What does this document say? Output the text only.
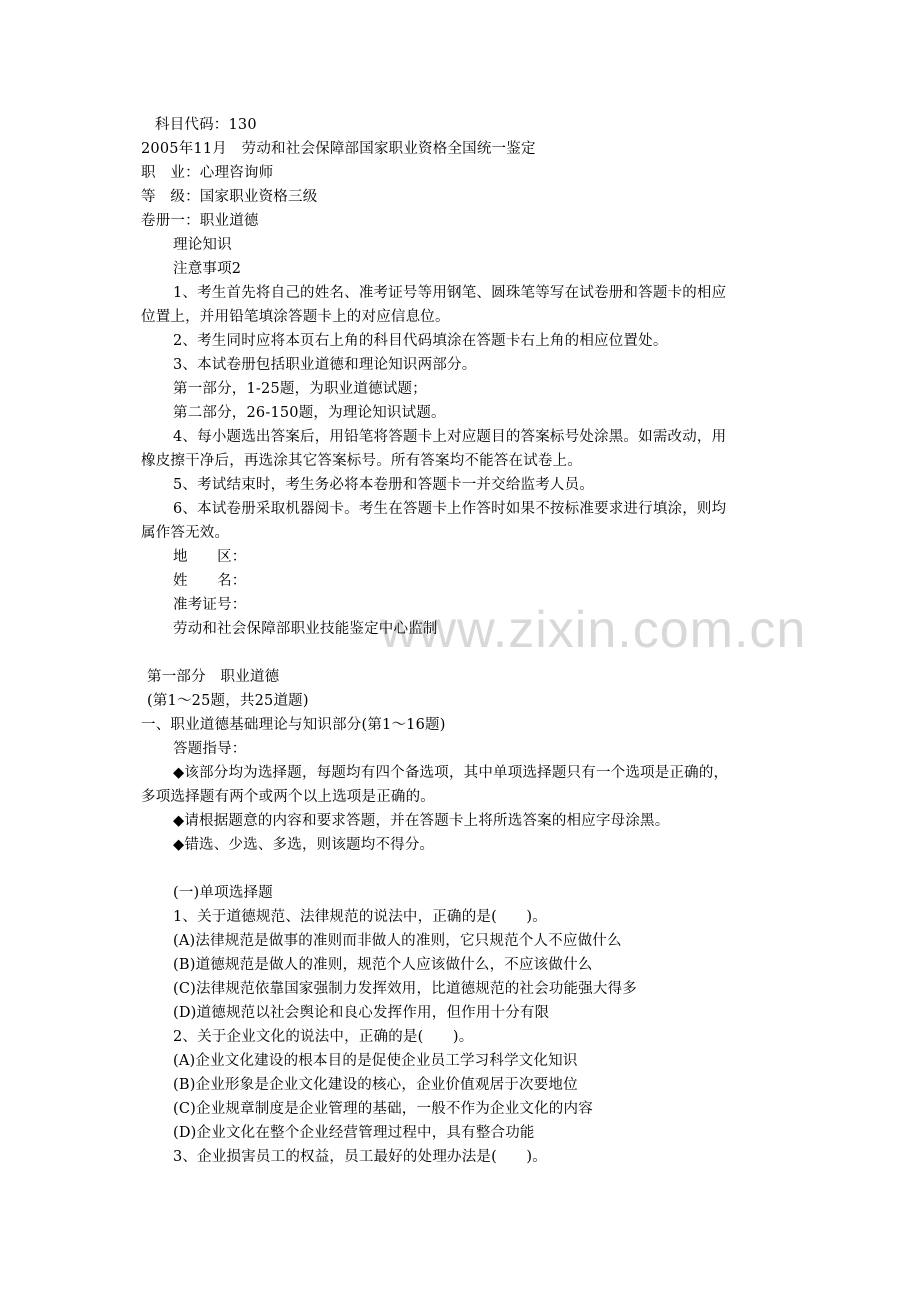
www.zixin.com.cn
科目代码：130
2005年11月　劳动和社会保障部国家职业资格全国统一鉴定
职　业：心理咨询师
等　级：国家职业资格三级
卷册一：职业道德
理论知识
注意事项2
1、考生首先将自己的姓名、准考证号等用钢笔、圆珠笔等写在试卷册和答题卡的相应
位置上，并用铅笔填涂答题卡上的对应信息位。
2、考生同时应将本页右上角的科目代码填涂在答题卡右上角的相应位置处。
3、本试卷册包括职业道德和理论知识两部分。
第一部分，1-25题，为职业道德试题；
第二部分，26-150题，为理论知识试题。
4、每小题选出答案后，用铅笔将答题卡上对应题目的答案标号处涂黑。如需改动，用
橡皮擦干净后，再选涂其它答案标号。所有答案均不能答在试卷上。
5、考试结束时，考生务必将本卷册和答题卡一并交给监考人员。
6、本试卷册采取机器阅卡。考生在答题卡上作答时如果不按标准要求进行填涂，则均
属作答无效。
地　　区：
姓　　名：
准考证号：
劳动和社会保障部职业技能鉴定中心监制
第一部分　职业道德
(第1～25题，共25道题)
一、职业道德基础理论与知识部分(第1～16题)
答题指导：
◆该部分均为选择题，每题均有四个备选项，其中单项选择题只有一个选项是正确的，
多项选择题有两个或两个以上选项是正确的。
◆请根据题意的内容和要求答题，并在答题卡上将所选答案的相应字母涂黑。
◆错选、少选、多选，则该题均不得分。
(一)单项选择题
1、关于道德规范、法律规范的说法中，正确的是(　　)。
(A)法律规范是做事的准则而非做人的准则，它只规范个人不应做什么
(B)道德规范是做人的准则，规范个人应该做什么，不应该做什么
(C)法律规范依靠国家强制力发挥效用，比道德规范的社会功能强大得多
(D)道德规范以社会舆论和良心发挥作用，但作用十分有限
2、关于企业文化的说法中，正确的是(　　)。
(A)企业文化建设的根本目的是促使企业员工学习科学文化知识
(B)企业形象是企业文化建设的核心，企业价值观居于次要地位
(C)企业规章制度是企业管理的基础，一般不作为企业文化的内容
(D)企业文化在整个企业经营管理过程中，具有整合功能
3、企业损害员工的权益，员工最好的处理办法是(　　)。
